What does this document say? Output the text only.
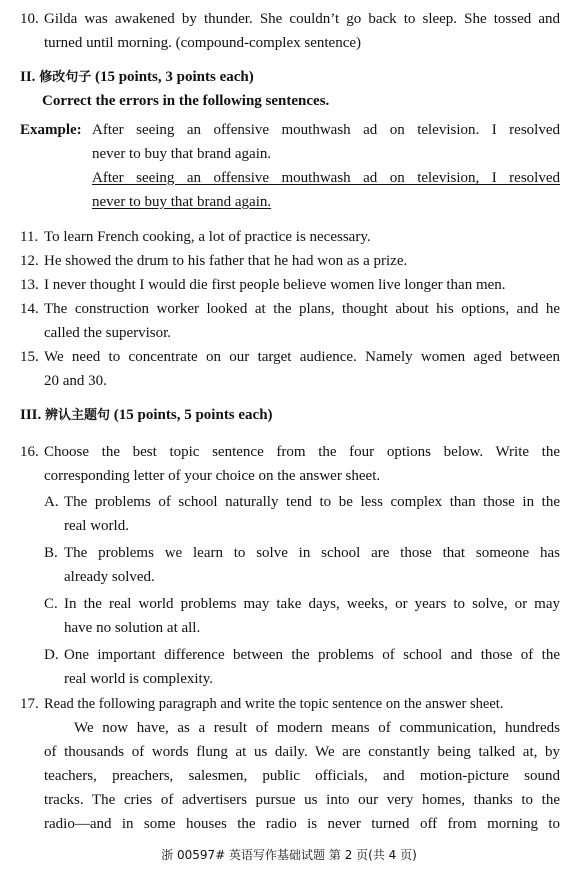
10. Gilda was awakened by thunder. She couldn’t go back to sleep. She tossed and
turned until morning. (compound-complex sentence)
II. 修改句子 (15 points, 3 points each)
Correct the errors in the following sentences.
Example: After seeing an offensive mouthwash ad on television. I resolved
never to buy that brand again.
After seeing an offensive mouthwash ad on television, I resolved
never to buy that brand again.
11. To learn French cooking, a lot of practice is necessary.
12. He showed the drum to his father that he had won as a prize.
13. I never thought I would die first people believe women live longer than men.
14. The construction worker looked at the plans, thought about his options, and he
called the supervisor.
15. We need to concentrate on our target audience. Namely women aged between
20 and 30.
III. 辨认主题句 (15 points, 5 points each)
16. Choose the best topic sentence from the four options below. Write the
corresponding letter of your choice on the answer sheet.
A. The problems of school naturally tend to be less complex than those in the
real world.
B. The problems we learn to solve in school are those that someone has
already solved.
C. In the real world problems may take days, weeks, or years to solve, or may
have no solution at all.
D. One important difference between the problems of school and those of the
real world is complexity.
17. Read the following paragraph and write the topic sentence on the answer sheet.
We now have, as a result of modern means of communication, hundreds
of thousands of words flung at us daily. We are constantly being talked at, by
teachers, preachers, salesmen, public officials, and motion-picture sound
tracks. The cries of advertisers pursue us into our very homes, thanks to the
radio—and in some houses the radio is never turned off from morning to
浙 00597# 英语写作基础试题 第 2 页(共 4 页)
